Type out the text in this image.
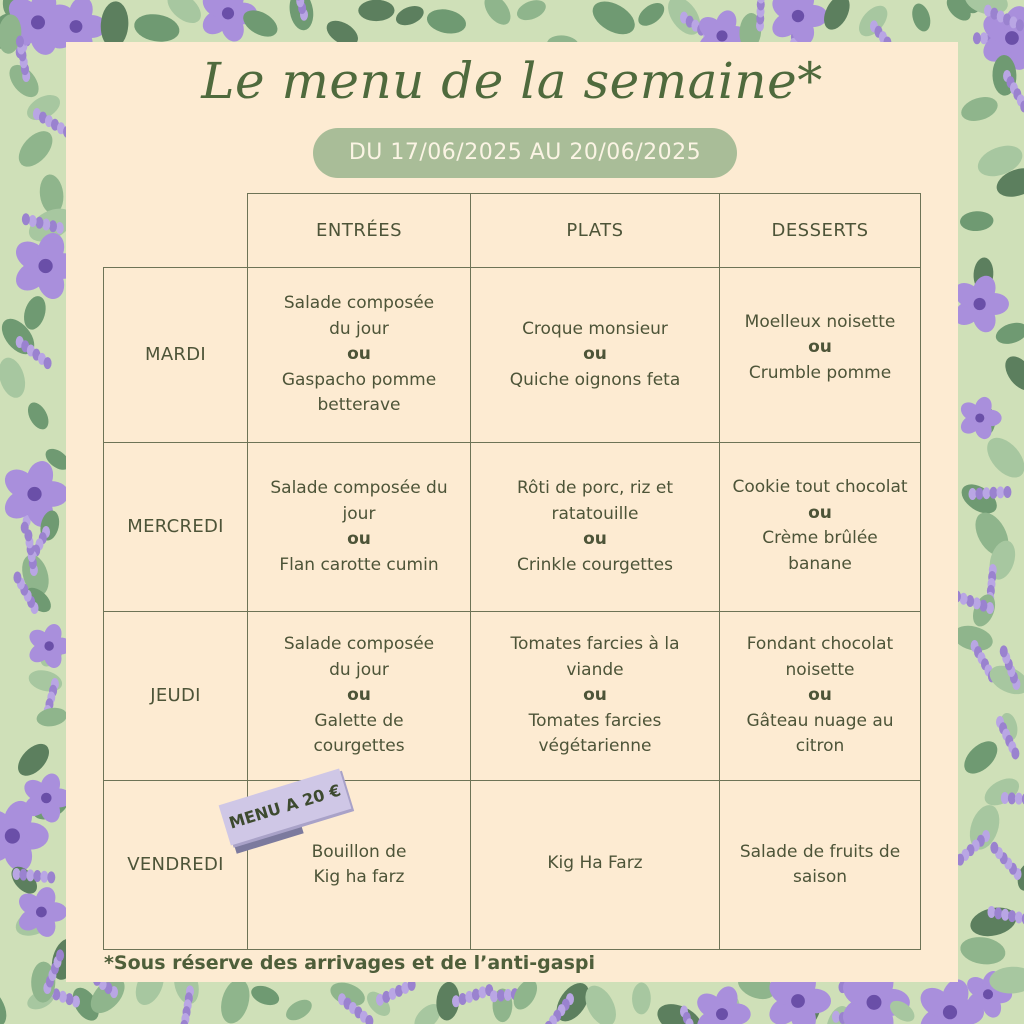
Le menu de la semaine*
DU 17/06/2025 AU 20/06/2025
ENTRÉES	PLATS	DESSERTS
MARDI
MERCREDI
JEUDI
VENDREDI
Salade composée
du jour
ou
Gaspacho pomme
betterave
Croque monsieur
ou
Quiche oignons feta
Moelleux noisette
ou
Crumble pomme
Salade composée du
jour
ou
Flan carotte cumin
Rôti de porc, riz et
ratatouille
ou
Crinkle courgettes
Cookie tout chocolat
ou
Crème brûlée
banane
Salade composée
du jour
ou
Galette de
courgettes
Tomates farcies à la
viande
ou
Tomates farcies
végétarienne
Fondant chocolat
noisette
ou
Gâteau nuage au
citron
Bouillon de
Kig ha farz
Kig Ha Farz
Salade de fruits de
saison
MENU A 20 €
*Sous réserve des arrivages et de l’anti-gaspi
